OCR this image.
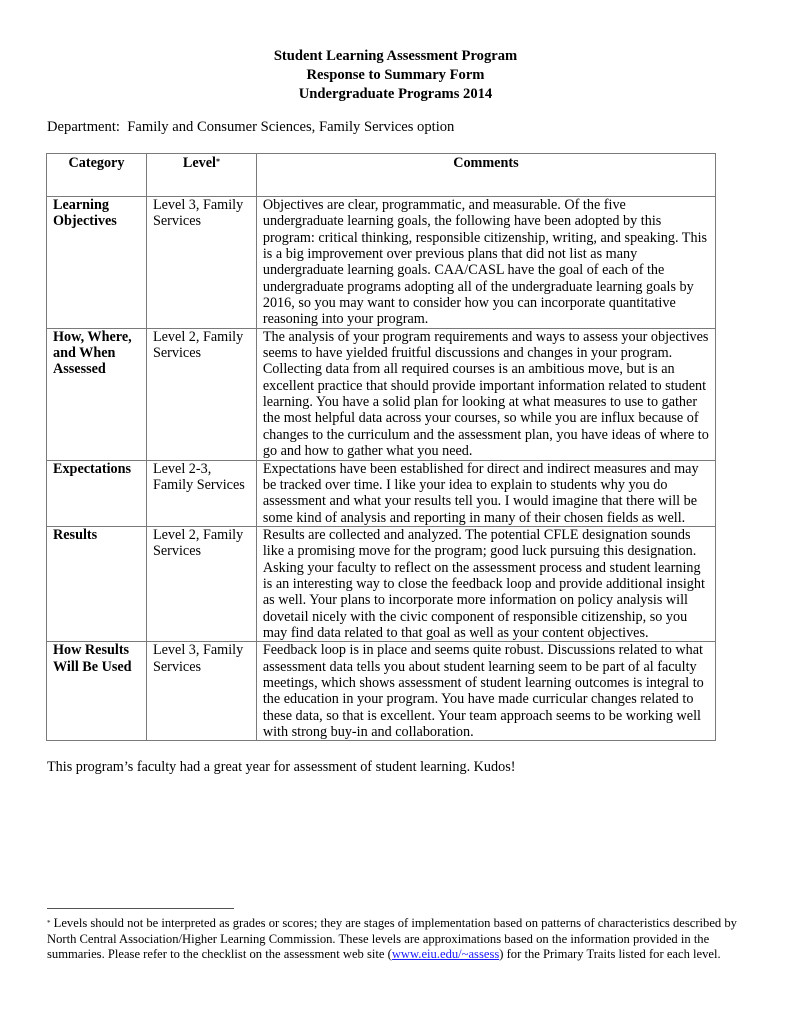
Student Learning Assessment Program
Response to Summary Form
Undergraduate Programs 2014
Department: Family and Consumer Sciences, Family Services option
Category	Level*	Comments
Learning Objectives	Level 3, Family Services	Objectives are clear, programmatic, and measurable. Of the five undergraduate learning goals, the following have been adopted by this program: critical thinking, responsible citizenship, writing, and speaking. This is a big improvement over previous plans that did not list as many undergraduate learning goals. CAA/CASL have the goal of each of the undergraduate programs adopting all of the undergraduate learning goals by 2016, so you may want to consider how you can incorporate quantitative reasoning into your program.
How, Where, and When Assessed	Level 2, Family Services	The analysis of your program requirements and ways to assess your objectives seems to have yielded fruitful discussions and changes in your program. Collecting data from all required courses is an ambitious move, but is an excellent practice that should provide important information related to student learning. You have a solid plan for looking at what measures to use to gather the most helpful data across your courses, so while you are influx because of changes to the curriculum and the assessment plan, you have ideas of where to go and how to gather what you need.
Expectations	Level 2-3, Family Services	Expectations have been established for direct and indirect measures and may be tracked over time. I like your idea to explain to students why you do assessment and what your results tell you. I would imagine that there will be some kind of analysis and reporting in many of their chosen fields as well.
Results	Level 2, Family Services	Results are collected and analyzed. The potential CFLE designation sounds like a promising move for the program; good luck pursuing this designation. Asking your faculty to reflect on the assessment process and student learning is an interesting way to close the feedback loop and provide additional insight as well. Your plans to incorporate more information on policy analysis will dovetail nicely with the civic component of responsible citizenship, so you may find data related to that goal as well as your content objectives.
How Results Will Be Used	Level 3, Family Services	Feedback loop is in place and seems quite robust. Discussions related to what assessment data tells you about student learning seem to be part of al faculty meetings, which shows assessment of student learning outcomes is integral to the education in your program. You have made curricular changes related to these data, so that is excellent. Your team approach seems to be working well with strong buy-in and collaboration.
This program’s faculty had a great year for assessment of student learning. Kudos!
* Levels should not be interpreted as grades or scores; they are stages of implementation based on patterns of characteristics described by North Central Association/Higher Learning Commission. These levels are approximations based on the information provided in the summaries. Please refer to the checklist on the assessment web site (www.eiu.edu/~assess) for the Primary Traits listed for each level.
